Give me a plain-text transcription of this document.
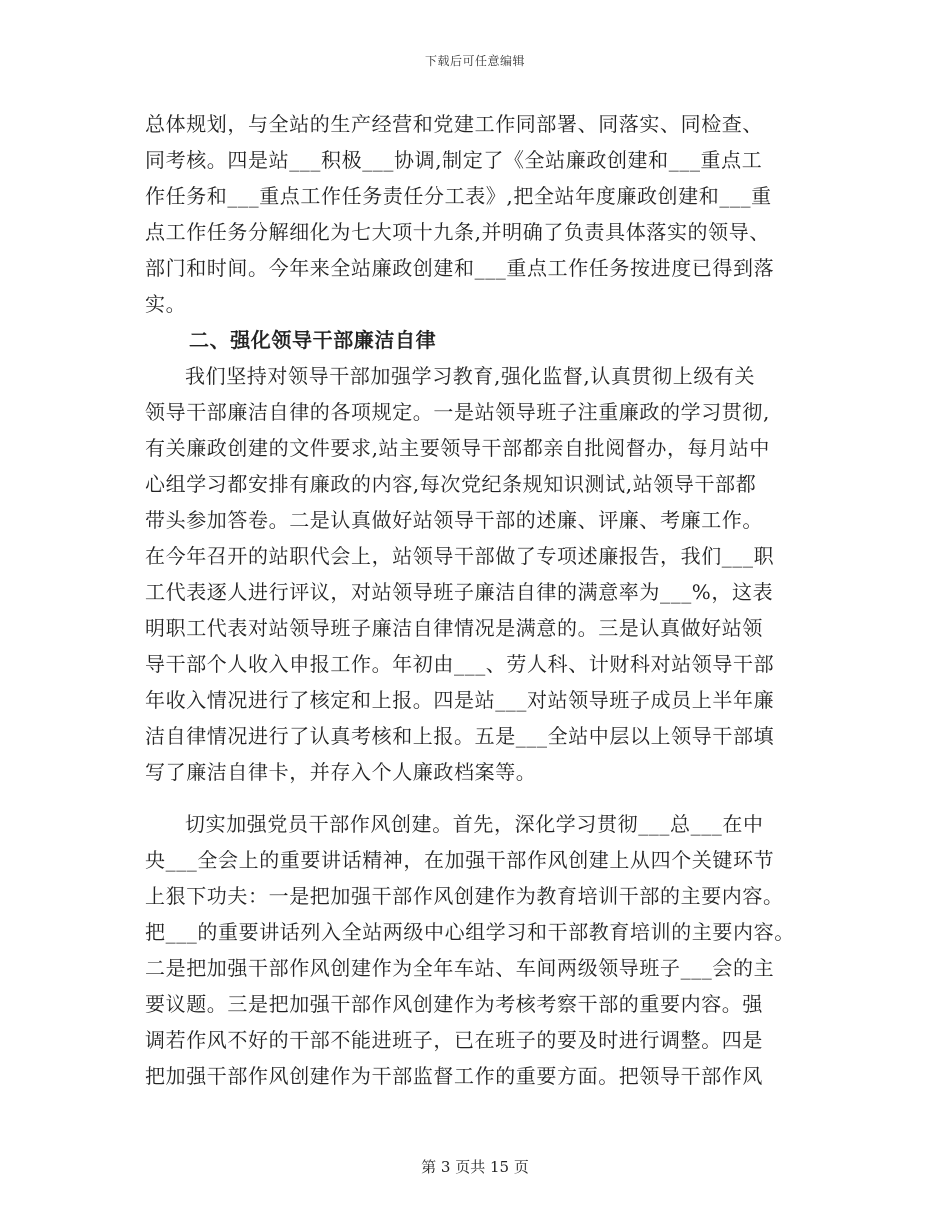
下载后可任意编辑
总体规划，与全站的生产经营和党建工作同部署、同落实、同检查、
同考核。四是站___积极___协调,制定了《全站廉政创建和___重点工
作任务和___重点工作任务责任分工表》,把全站年度廉政创建和___重
点工作任务分解细化为七大项十九条,并明确了负责具体落实的领导、
部门和时间。今年来全站廉政创建和___重点工作任务按进度已得到落
实。
二、强化领导干部廉洁自律
我们坚持对领导干部加强学习教育,强化监督,认真贯彻上级有关
领导干部廉洁自律的各项规定。一是站领导班子注重廉政的学习贯彻,
有关廉政创建的文件要求,站主要领导干部都亲自批阅督办，每月站中
心组学习都安排有廉政的内容,每次党纪条规知识测试,站领导干部都
带头参加答卷。二是认真做好站领导干部的述廉、评廉、考廉工作。
在今年召开的站职代会上，站领导干部做了专项述廉报告，我们___职
工代表逐人进行评议，对站领导班子廉洁自律的满意率为___%，这表
明职工代表对站领导班子廉洁自律情况是满意的。三是认真做好站领
导干部个人收入申报工作。年初由___、劳人科、计财科对站领导干部
年收入情况进行了核定和上报。四是站___对站领导班子成员上半年廉
洁自律情况进行了认真考核和上报。五是___全站中层以上领导干部填
写了廉洁自律卡，并存入个人廉政档案等。
切实加强党员干部作风创建。首先，深化学习贯彻___总___在中
央___全会上的重要讲话精神，在加强干部作风创建上从四个关键环节
上狠下功夫：一是把加强干部作风创建作为教育培训干部的主要内容。
把___的重要讲话列入全站两级中心组学习和干部教育培训的主要内容。
二是把加强干部作风创建作为全年车站、车间两级领导班子___会的主
要议题。三是把加强干部作风创建作为考核考察干部的重要内容。强
调若作风不好的干部不能进班子，已在班子的要及时进行调整。四是
把加强干部作风创建作为干部监督工作的重要方面。把领导干部作风
第 3 页共 15 页
